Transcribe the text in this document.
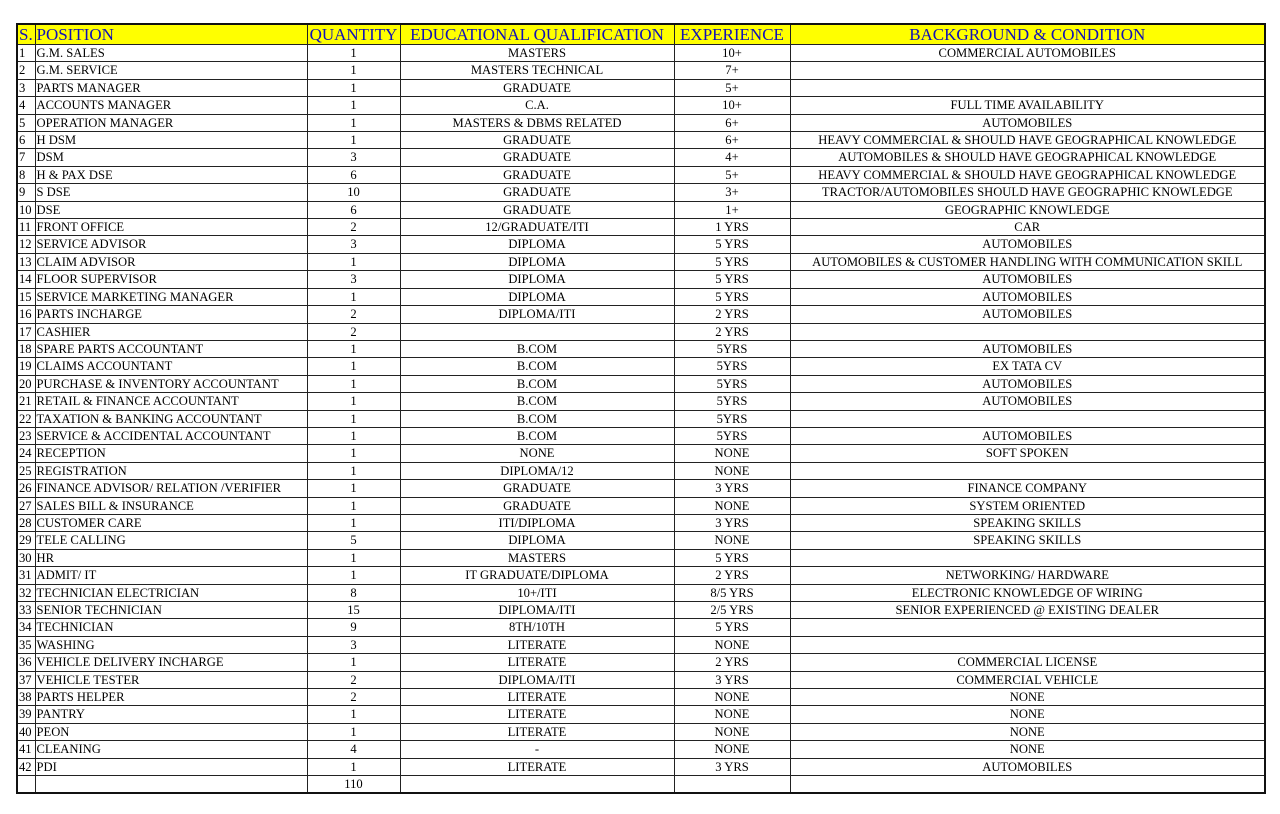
S.	POSITION	QUANTITY	EDUCATIONAL QUALIFICATION	EXPERIENCE	BACKGROUND & CONDITION
1	G.M. SALES	1	MASTERS	10+	COMMERCIAL AUTOMOBILES
2	G.M. SERVICE	1	MASTERS TECHNICAL	7+	
3	PARTS MANAGER	1	GRADUATE	5+	
4	ACCOUNTS MANAGER	1	C.A.	10+	FULL TIME AVAILABILITY
5	OPERATION MANAGER	1	MASTERS & DBMS RELATED	6+	AUTOMOBILES
6	H DSM	1	GRADUATE	6+	HEAVY COMMERCIAL & SHOULD HAVE GEOGRAPHICAL KNOWLEDGE
7	DSM	3	GRADUATE	4+	AUTOMOBILES & SHOULD HAVE GEOGRAPHICAL KNOWLEDGE
8	H & PAX DSE	6	GRADUATE	5+	HEAVY COMMERCIAL & SHOULD HAVE GEOGRAPHICAL KNOWLEDGE
9	S DSE	10	GRADUATE	3+	TRACTOR/AUTOMOBILES SHOULD HAVE GEOGRAPHIC KNOWLEDGE
10	DSE	6	GRADUATE	1+	GEOGRAPHIC KNOWLEDGE
11	FRONT OFFICE	2	12/GRADUATE/ITI	1 YRS	CAR
12	SERVICE ADVISOR	3	DIPLOMA	5 YRS	AUTOMOBILES
13	CLAIM ADVISOR	1	DIPLOMA	5 YRS	AUTOMOBILES & CUSTOMER HANDLING WITH COMMUNICATION SKILL
14	FLOOR SUPERVISOR	3	DIPLOMA	5 YRS	AUTOMOBILES
15	SERVICE MARKETING MANAGER	1	DIPLOMA	5 YRS	AUTOMOBILES
16	PARTS INCHARGE	2	DIPLOMA/ITI	2 YRS	AUTOMOBILES
17	CASHIER	2		2 YRS	
18	SPARE PARTS ACCOUNTANT	1	B.COM	5YRS	AUTOMOBILES
19	CLAIMS ACCOUNTANT	1	B.COM	5YRS	EX TATA CV
20	PURCHASE & INVENTORY ACCOUNTANT	1	B.COM	5YRS	AUTOMOBILES
21	RETAIL & FINANCE ACCOUNTANT	1	B.COM	5YRS	AUTOMOBILES
22	TAXATION & BANKING ACCOUNTANT	1	B.COM	5YRS	
23	SERVICE & ACCIDENTAL ACCOUNTANT	1	B.COM	5YRS	AUTOMOBILES
24	RECEPTION	1	NONE	NONE	SOFT SPOKEN
25	REGISTRATION	1	DIPLOMA/12	NONE	
26	FINANCE ADVISOR/ RELATION /VERIFIER	1	GRADUATE	3 YRS	FINANCE COMPANY
27	SALES BILL & INSURANCE	1	GRADUATE	NONE	SYSTEM ORIENTED
28	CUSTOMER CARE	1	ITI/DIPLOMA	3 YRS	SPEAKING SKILLS
29	TELE CALLING	5	DIPLOMA	NONE	SPEAKING SKILLS
30	HR	1	MASTERS	5 YRS	
31	ADMIT/ IT	1	IT GRADUATE/DIPLOMA	2 YRS	NETWORKING/ HARDWARE
32	TECHNICIAN ELECTRICIAN	8	10+/ITI	8/5 YRS	ELECTRONIC KNOWLEDGE OF WIRING
33	SENIOR TECHNICIAN	15	DIPLOMA/ITI	2/5 YRS	SENIOR EXPERIENCED @ EXISTING DEALER
34	TECHNICIAN	9	8TH/10TH	5 YRS	
35	WASHING	3	LITERATE	NONE	
36	VEHICLE DELIVERY INCHARGE	1	LITERATE	2 YRS	COMMERCIAL LICENSE
37	VEHICLE TESTER	2	DIPLOMA/ITI	3 YRS	COMMERCIAL VEHICLE
38	PARTS HELPER	2	LITERATE	NONE	NONE
39	PANTRY	1	LITERATE	NONE	NONE
40	PEON	1	LITERATE	NONE	NONE
41	CLEANING	4	-	NONE	NONE
42	PDI	1	LITERATE	3 YRS	AUTOMOBILES
		110			
